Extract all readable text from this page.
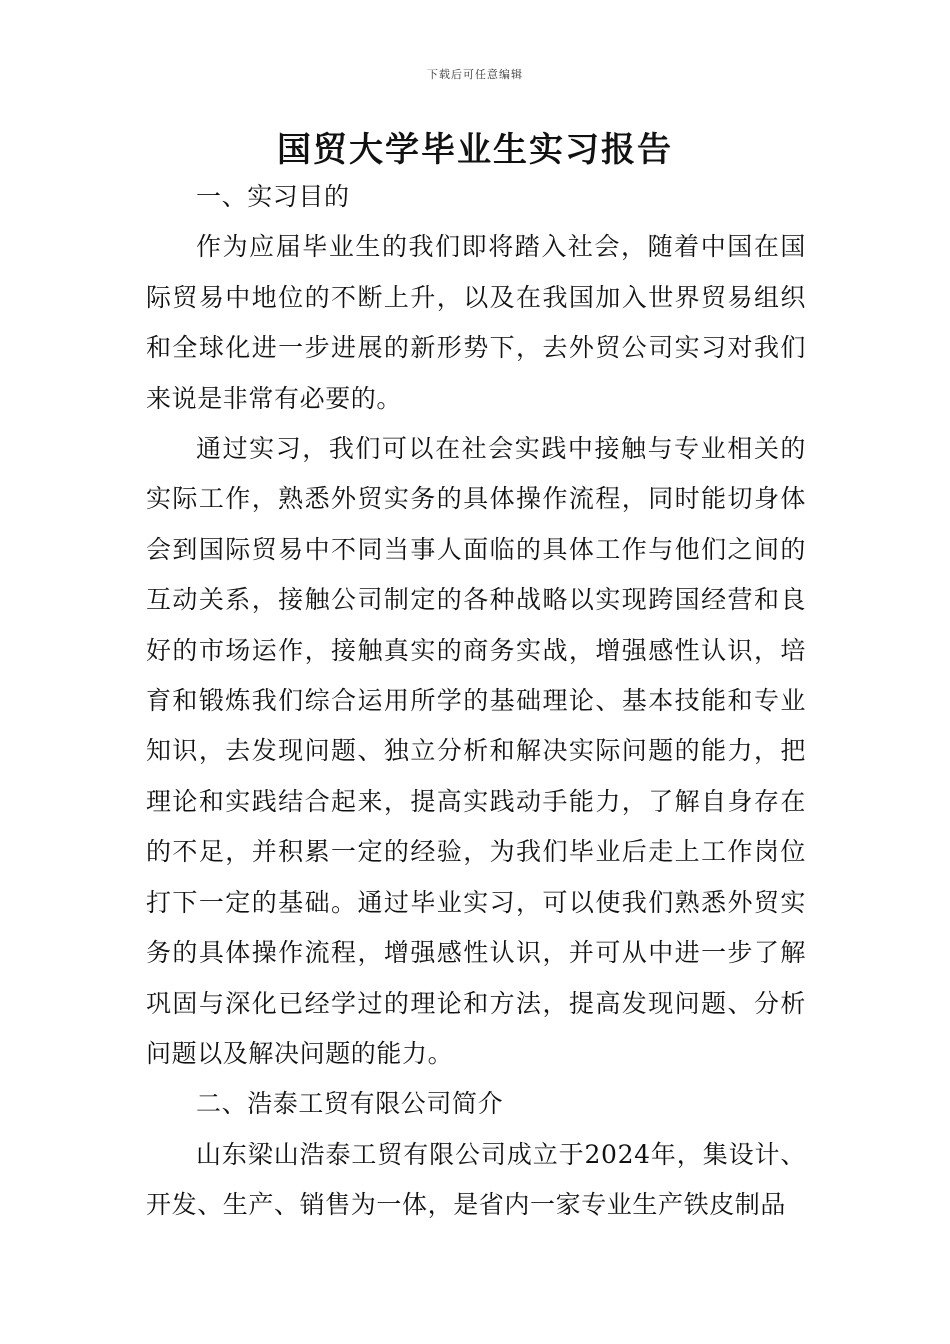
下载后可任意编辑
国贸大学毕业生实习报告

一、实习目的

作为应届毕业生的我们即将踏入社会，随着中国在国际贸易中地位的不断上升，以及在我国加入世界贸易组织和全球化进一步进展的新形势下，去外贸公司实习对我们来说是非常有必要的。

通过实习，我们可以在社会实践中接触与专业相关的实际工作，熟悉外贸实务的具体操作流程，同时能切身体会到国际贸易中不同当事人面临的具体工作与他们之间的互动关系，接触公司制定的各种战略以实现跨国经营和良好的市场运作，接触真实的商务实战，增强感性认识，培育和锻炼我们综合运用所学的基础理论、基本技能和专业知识，去发现问题、独立分析和解决实际问题的能力，把理论和实践结合起来，提高实践动手能力，了解自身存在的不足，并积累一定的经验，为我们毕业后走上工作岗位打下一定的基础。通过毕业实习，可以使我们熟悉外贸实务的具体操作流程，增强感性认识，并可从中进一步了解巩固与深化已经学过的理论和方法，提高发现问题、分析问题以及解决问题的能力。

二、浩泰工贸有限公司简介

山东梁山浩泰工贸有限公司成立于2024年，集设计、开发、生产、销售为一体，是省内一家专业生产铁皮制品
